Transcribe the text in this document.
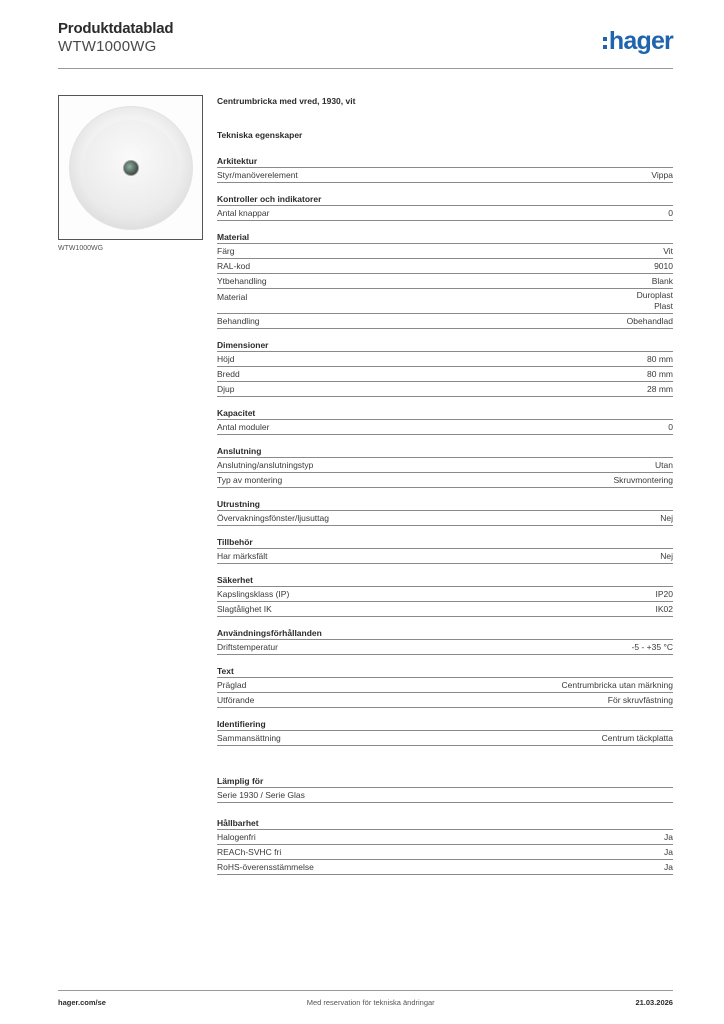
Produktdatablad
WTW1000WG	hager
WTW1000WG
Centrumbricka med vred, 1930, vit
Tekniska egenskaper
Arkitektur
Styr/manöverelement	Vippa
Kontroller och indikatorer
Antal knappar	0
Material
Färg	Vit
RAL-kod	9010
Ytbehandling	Blank
Material	Duroplast
Plast
Behandling	Obehandlad
Dimensioner
Höjd	80 mm
Bredd	80 mm
Djup	28 mm
Kapacitet
Antal moduler	0
Anslutning
Anslutning/anslutningstyp	Utan
Typ av montering	Skruvmontering
Utrustning
Övervakningsfönster/ljusuttag	Nej
Tillbehör
Har märksfält	Nej
Säkerhet
Kapslingsklass (IP)	IP20
Slagtålighet IK	IK02
Användningsförhållanden
Driftstemperatur	-5 - +35 °C
Text
Präglad	Centrumbricka utan märkning
Utförande	För skruvfästning
Identifiering
Sammansättning	Centrum täckplatta
Lämplig för
Serie 1930 / Serie Glas
Hållbarhet
Halogenfri	Ja
REACh-SVHC fri	Ja
RoHS-överensstämmelse	Ja
hager.com/se	Med reservation för tekniska ändringar	21.03.2026
